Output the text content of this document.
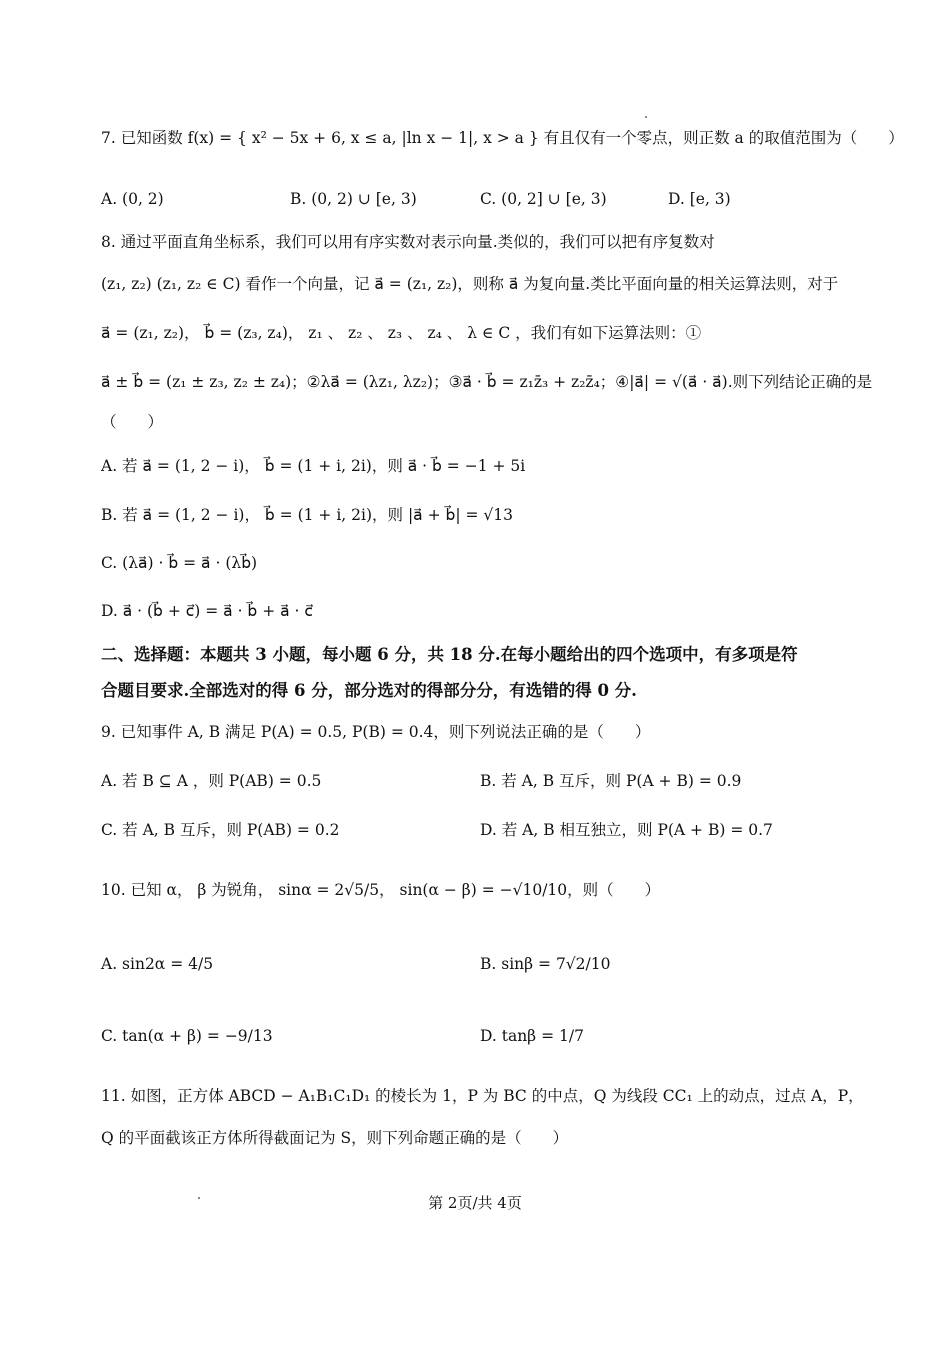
7. 已知函数 f(x) = { x² − 5x + 6, x ≤ a, |ln x − 1|, x > a } 有且仅有一个零点，则正数 a 的取值范围为（　　）
A. (0, 2)	B. (0, 2) ∪ [e, 3)	C. (0, 2] ∪ [e, 3)	D. [e, 3)
8. 通过平面直角坐标系，我们可以用有序实数对表示向量.类似的，我们可以把有序复数对
(z₁, z₂) (z₁, z₂ ∈ C) 看作一个向量，记 a⃗ = (z₁, z₂)，则称 a⃗ 为复向量.类比平面向量的相关运算法则，对于
a⃗ = (z₁, z₂)， b⃗ = (z₃, z₄)， z₁ 、 z₂ 、 z₃ 、 z₄ 、 λ ∈ C ，我们有如下运算法则：①
a⃗ ± b⃗ = (z₁ ± z₃, z₂ ± z₄)；②λa⃗ = (λz₁, λz₂)；③a⃗ · b⃗ = z₁z̄₃ + z₂z̄₄；④|a⃗| = √(a⃗ · a⃗).则下列结论正确的是
（　　）
A. 若 a⃗ = (1, 2 − i)， b⃗ = (1 + i, 2i)，则 a⃗ · b⃗ = −1 + 5i
B. 若 a⃗ = (1, 2 − i)， b⃗ = (1 + i, 2i)，则 |a⃗ + b⃗| = √13
C. (λa⃗) · b⃗ = a⃗ · (λb⃗)
D. a⃗ · (b⃗ + c⃗) = a⃗ · b⃗ + a⃗ · c⃗
二、选择题：本题共 3 小题，每小题 6 分，共 18 分.在每小题给出的四个选项中，有多项是符
合题目要求.全部选对的得 6 分，部分选对的得部分分，有选错的得 0 分.
9. 已知事件 A, B 满足 P(A) = 0.5, P(B) = 0.4，则下列说法正确的是（　　）
A. 若 B ⊆ A ，则 P(AB) = 0.5	B. 若 A, B 互斥，则 P(A + B) = 0.9
C. 若 A, B 互斥，则 P(AB) = 0.2	D. 若 A, B 相互独立，则 P(A + B) = 0.7
10. 已知 α， β 为锐角， sinα = 2√5/5， sin(α − β) = −√10/10，则（　　）
A. sin2α = 4/5	B. sinβ = 7√2/10
C. tan(α + β) = −9/13	D. tanβ = 1/7
11. 如图，正方体 ABCD − A₁B₁C₁D₁ 的棱长为 1，P 为 BC 的中点，Q 为线段 CC₁ 上的动点，过点 A，P，
Q 的平面截该正方体所得截面记为 S，则下列命题正确的是（　　）
第 2页/共 4页
